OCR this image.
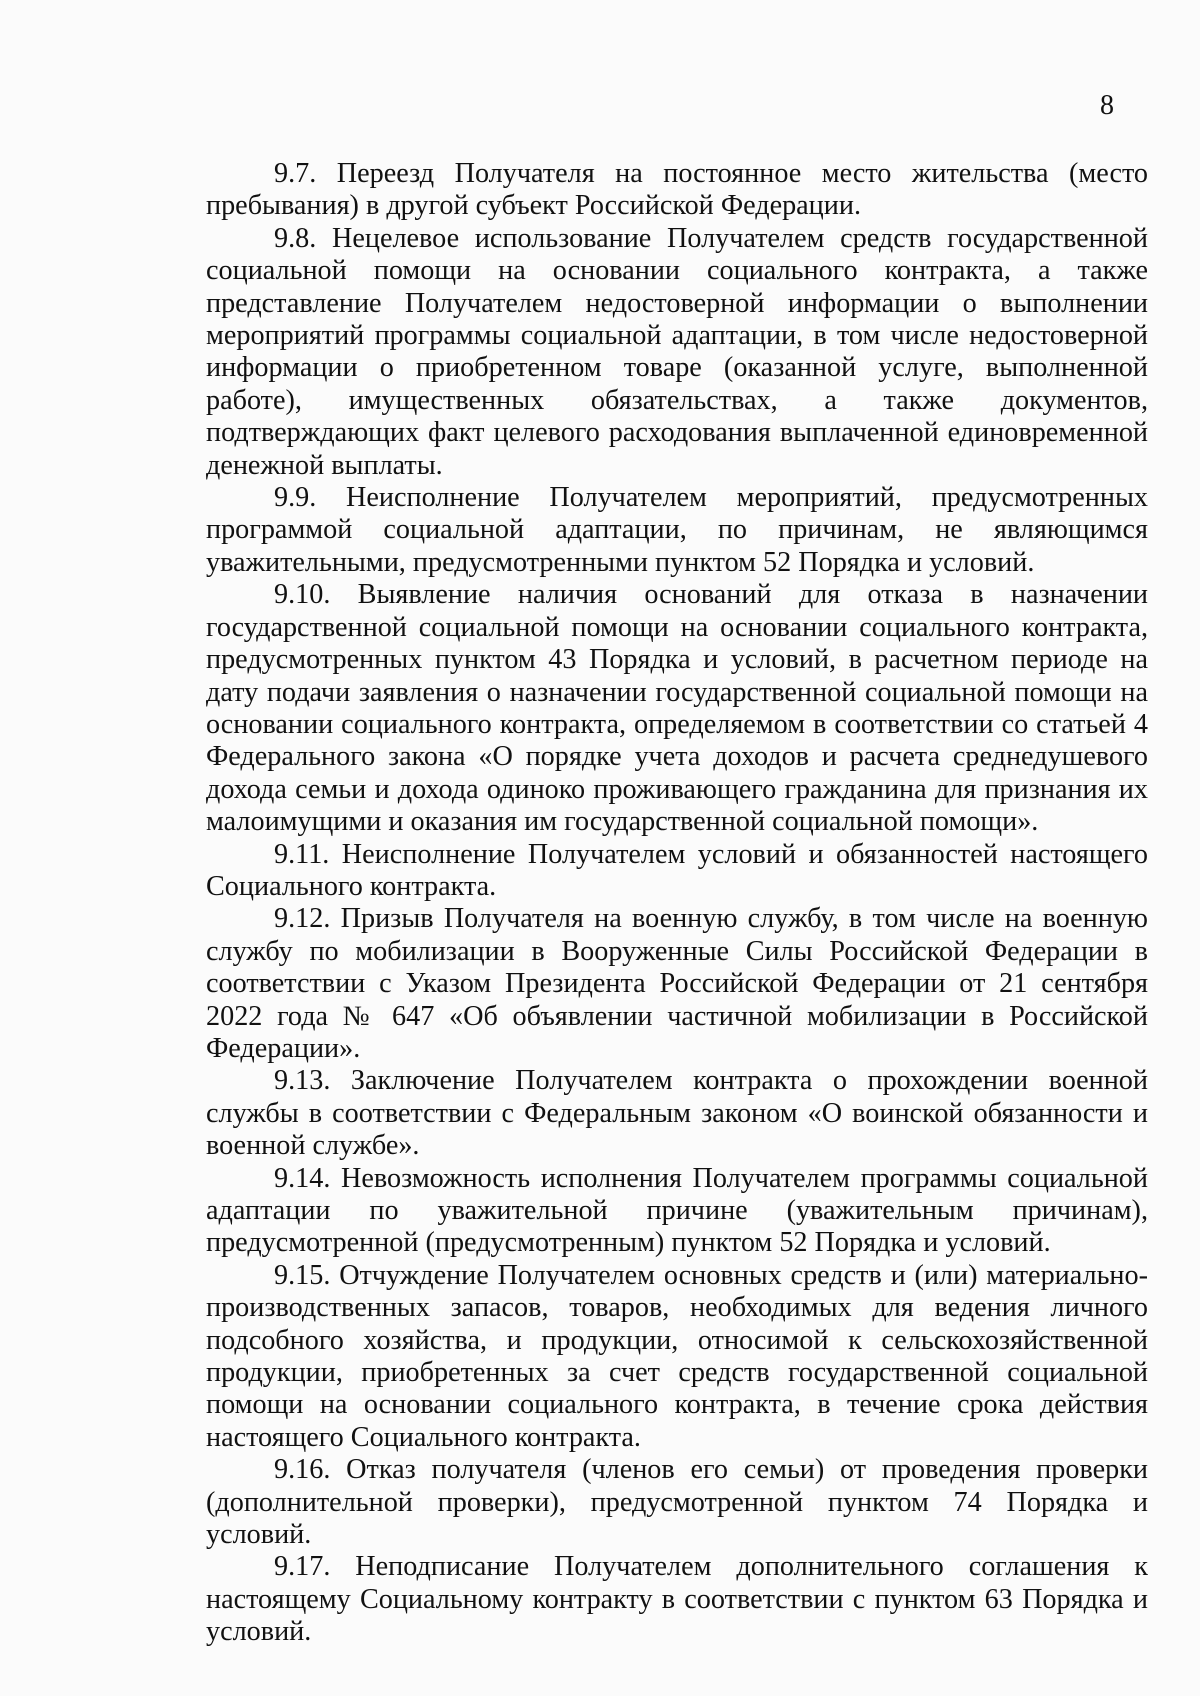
8

9.7. Переезд Получателя на постоянное место жительства (место пребывания) в другой субъект Российской Федерации.

9.8. Нецелевое использование Получателем средств государственной социальной помощи на основании социального контракта, а также представление Получателем недостоверной информации о выполнении мероприятий программы социальной адаптации, в том числе недостоверной информации о приобретенном товаре (оказанной услуге, выполненной работе), имущественных обязательствах, а также документов, подтверждающих факт целевого расходования выплаченной единовременной денежной выплаты.

9.9. Неисполнение Получателем мероприятий, предусмотренных программой социальной адаптации, по причинам, не являющимся уважительными, предусмотренными пунктом 52 Порядка и условий.

9.10. Выявление наличия оснований для отказа в назначении государственной социальной помощи на основании социального контракта, предусмотренных пунктом 43 Порядка и условий, в расчетном периоде на дату подачи заявления о назначении государственной социальной помощи на основании социального контракта, определяемом в соответствии со статьей 4 Федерального закона «О порядке учета доходов и расчета среднедушевого дохода семьи и дохода одиноко проживающего гражданина для признания их малоимущими и оказания им государственной социальной помощи».

9.11. Неисполнение Получателем условий и обязанностей настоящего Социального контракта.

9.12. Призыв Получателя на военную службу, в том числе на военную службу по мобилизации в Вооруженные Силы Российской Федерации в соответствии с Указом Президента Российской Федерации от 21 сентября 2022 года № 647 «Об объявлении частичной мобилизации в Российской Федерации».

9.13. Заключение Получателем контракта о прохождении военной службы в соответствии с Федеральным законом «О воинской обязанности и военной службе».

9.14. Невозможность исполнения Получателем программы социальной адаптации по уважительной причине (уважительным причинам), предусмотренной (предусмотренным) пунктом 52 Порядка и условий.

9.15. Отчуждение Получателем основных средств и (или) материально-производственных запасов, товаров, необходимых для ведения личного подсобного хозяйства, и продукции, относимой к сельскохозяйственной продукции, приобретенных за счет средств государственной социальной помощи на основании социального контракта, в течение срока действия настоящего Социального контракта.

9.16. Отказ получателя (членов его семьи) от проведения проверки (дополнительной проверки), предусмотренной пунктом 74 Порядка и условий.

9.17. Неподписание Получателем дополнительного соглашения к настоящему Социальному контракту в соответствии с пунктом 63 Порядка и условий.
